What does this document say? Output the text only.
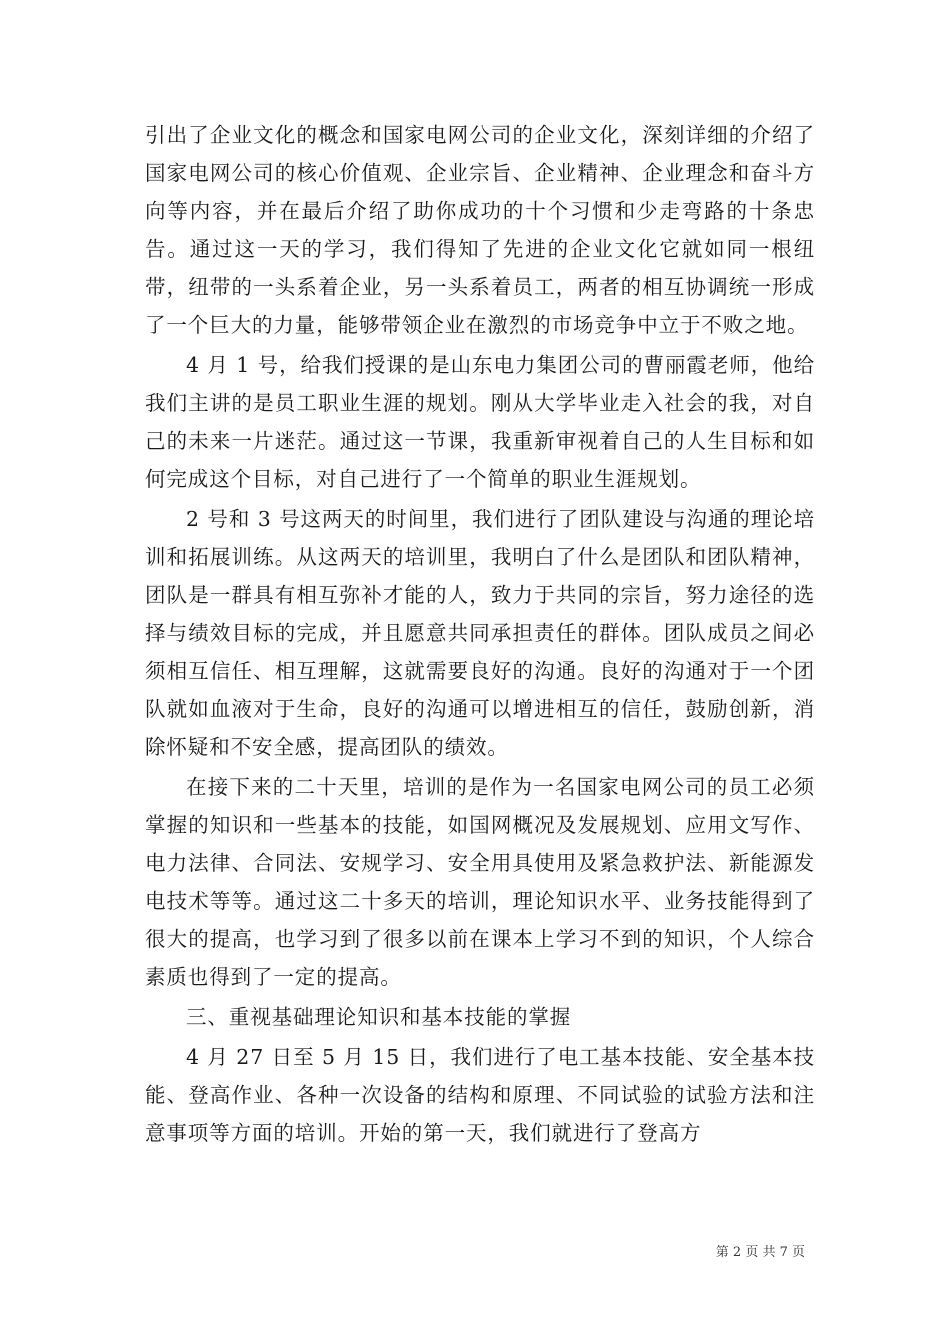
引出了企业文化的概念和国家电网公司的企业文化，深刻详细的介绍了国家电网公司的核心价值观、企业宗旨、企业精神、企业理念和奋斗方向等内容，并在最后介绍了助你成功的十个习惯和少走弯路的十条忠告。通过这一天的学习，我们得知了先进的企业文化它就如同一根纽带，纽带的一头系着企业，另一头系着员工，两者的相互协调统一形成了一个巨大的力量，能够带领企业在激烈的市场竞争中立于不败之地。

4 月 1 号，给我们授课的是山东电力集团公司的曹丽霞老师，他给我们主讲的是员工职业生涯的规划。刚从大学毕业走入社会的我，对自己的未来一片迷茫。通过这一节课，我重新审视着自己的人生目标和如何完成这个目标，对自己进行了一个简单的职业生涯规划。

2 号和 3 号这两天的时间里，我们进行了团队建设与沟通的理论培训和拓展训练。从这两天的培训里，我明白了什么是团队和团队精神，团队是一群具有相互弥补才能的人，致力于共同的宗旨，努力途径的选择与绩效目标的完成，并且愿意共同承担责任的群体。团队成员之间必须相互信任、相互理解，这就需要良好的沟通。良好的沟通对于一个团队就如血液对于生命，良好的沟通可以增进相互的信任，鼓励创新，消除怀疑和不安全感，提高团队的绩效。

在接下来的二十天里，培训的是作为一名国家电网公司的员工必须掌握的知识和一些基本的技能，如国网概况及发展规划、应用文写作、电力法律、合同法、安规学习、安全用具使用及紧急救护法、新能源发电技术等等。通过这二十多天的培训，理论知识水平、业务技能得到了很大的提高，也学习到了很多以前在课本上学习不到的知识，个人综合素质也得到了一定的提高。

三、重视基础理论知识和基本技能的掌握

4 月 27 日至 5 月 15 日，我们进行了电工基本技能、安全基本技能、登高作业、各种一次设备的结构和原理、不同试验的试验方法和注意事项等方面的培训。开始的第一天，我们就进行了登高方

第 2 页 共 7 页
